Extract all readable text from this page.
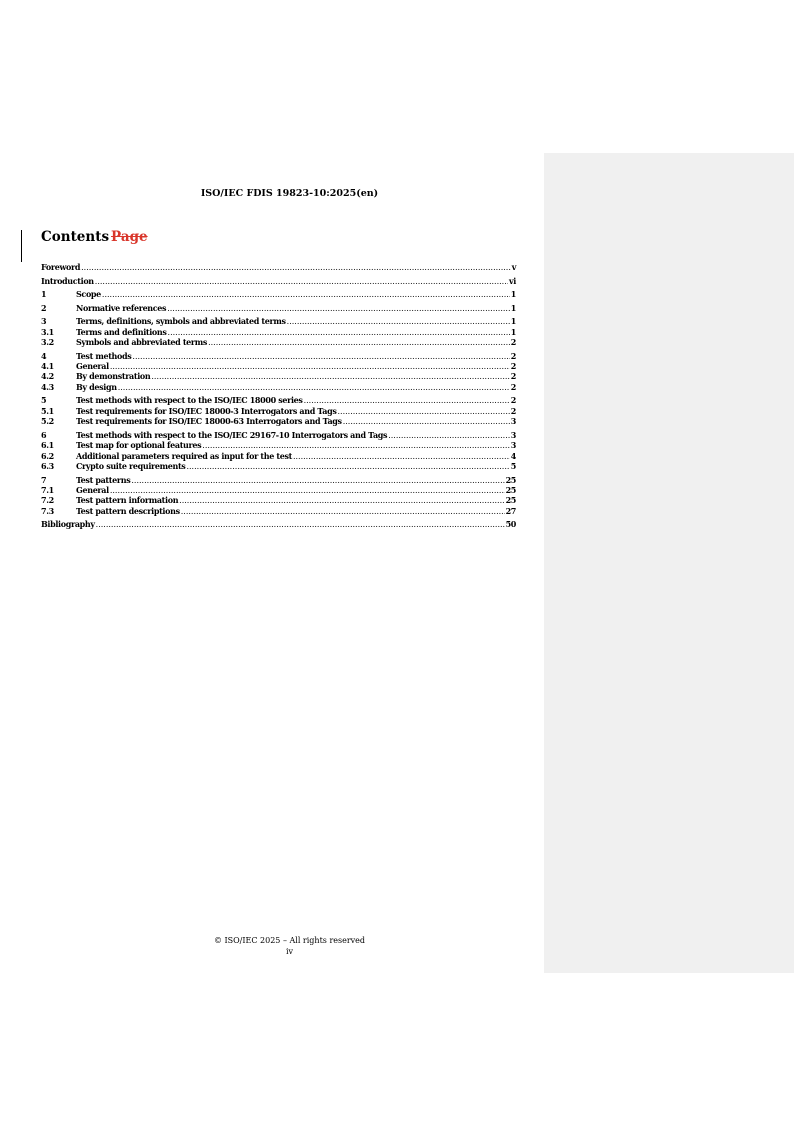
ISO/IEC FDIS 19823-10:2025(en)
Contents Page
Foreword .....	v
Introduction .....	vi
1	Scope .....	1
2	Normative references .....	1
3	Terms, definitions, symbols and abbreviated terms .....	1
3.1	Terms and definitions .....	1
3.2	Symbols and abbreviated terms .....	2
4	Test methods .....	2
4.1	General .....	2
4.2	By demonstration .....	2
4.3	By design .....	2
5	Test methods with respect to the ISO/IEC 18000 series .....	2
5.1	Test requirements for ISO/IEC 18000-3 Interrogators and Tags .....	2
5.2	Test requirements for ISO/IEC 18000-63 Interrogators and Tags .....	3
6	Test methods with respect to the ISO/IEC 29167-10 Interrogators and Tags .....	3
6.1	Test map for optional features .....	3
6.2	Additional parameters required as input for the test .....	4
6.3	Crypto suite requirements .....	5
7	Test patterns .....	25
7.1	General .....	25
7.2	Test pattern information .....	25
7.3	Test pattern descriptions .....	27
Bibliography .....	50
© ISO/IEC 2025 – All rights reserved
iv
